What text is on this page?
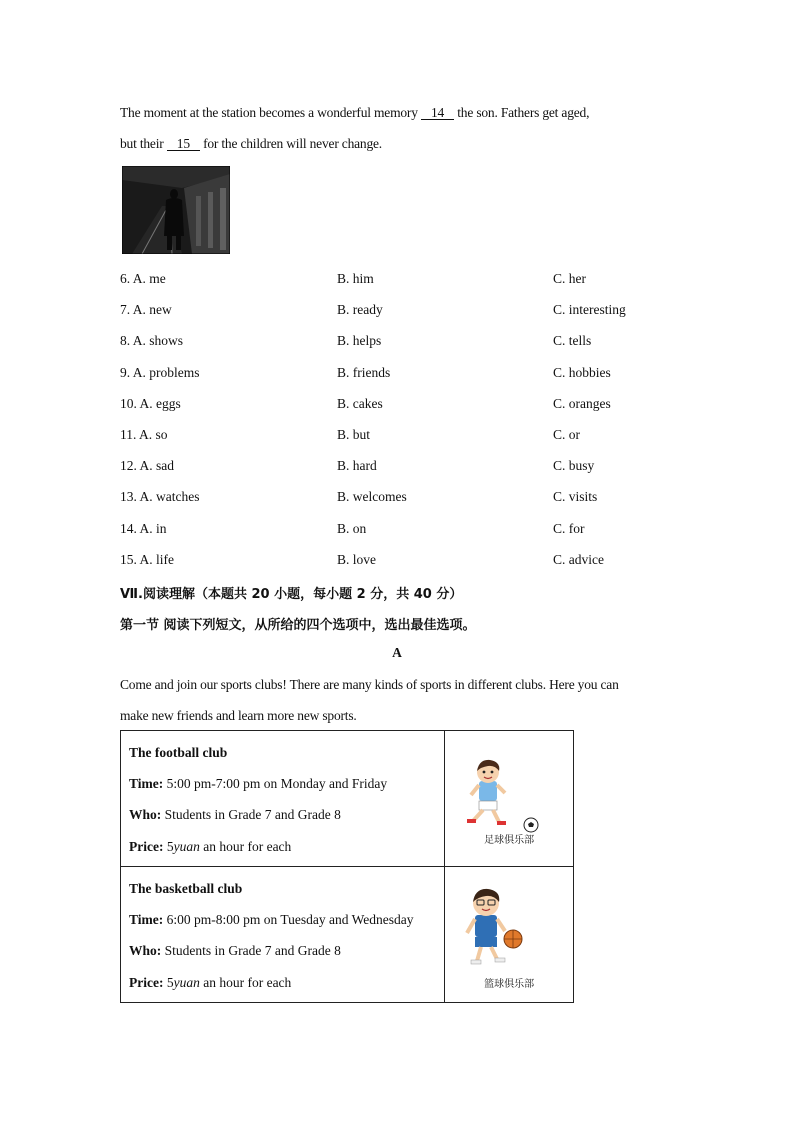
The moment at the station becomes a wonderful memory 14 the son. Fathers get aged,
but their 15 for the children will never change.
6. A. me	B. him	C. her
7. A. new	B. ready	C. interesting
8. A. shows	B. helps	C. tells
9. A. problems	B. friends	C. hobbies
10. A. eggs	B. cakes	C. oranges
11. A. so	B. but	C. or
12. A. sad	B. hard	C. busy
13. A. watches	B. welcomes	C. visits
14. A. in	B. on	C. for
15. A. life	B. love	C. advice
Ⅶ.阅读理解（本题共 20 小题，每小题 2 分，共 40 分）
第一节 阅读下列短文，从所给的四个选项中，选出最佳选项。
A
Come and join our sports clubs! There are many kinds of sports in different clubs. Here you can
make new friends and learn more new sports.

The football club

Time: 5:00 pm-7:00 pm on Monday and Friday

Who: Students in Grade 7 and Grade 8

Price: 5yuan an hour for each	足球俱乐部

The basketball club

Time: 6:00 pm-8:00 pm on Tuesday and Wednesday

Who: Students in Grade 7 and Grade 8

Price: 5yuan an hour for each	篮球俱乐部
